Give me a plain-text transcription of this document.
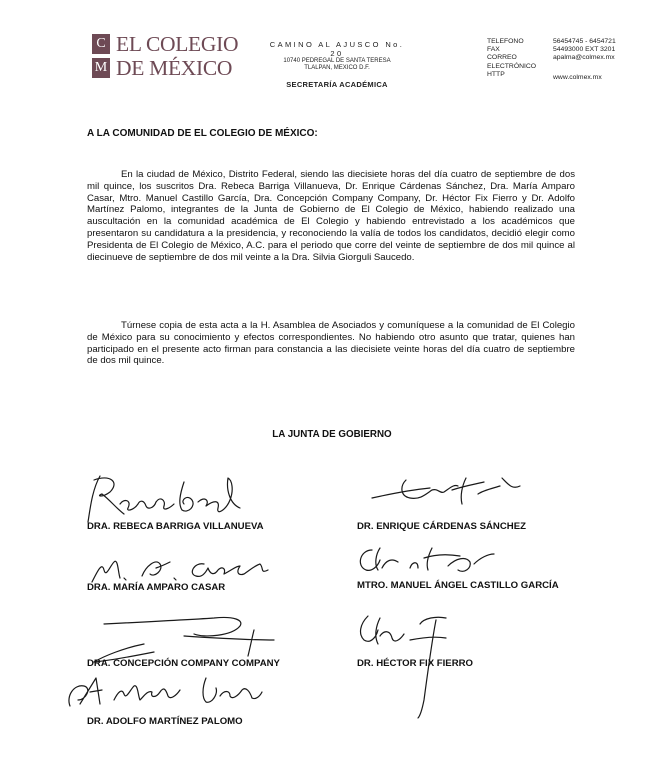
C
M
EL COLEGIO
DE MÉXICO
CAMINO AL AJUSCO No. 20
10740 PEDREGAL DE SANTA TERESA
TLALPAN, MEXICO D.F.
SECRETARÍA ACADÉMICA
TELEFONO	56454745 - 6454721
FAX	54493000 EXT 3201
CORREO	apalma@colmex.mx
ELECTRÓNICO
HTTP	www.colmex.mx
A LA COMUNIDAD DE EL COLEGIO DE MÉXICO:

En la ciudad de México, Distrito Federal, siendo las diecisiete horas del día cuatro de septiembre de dos mil quince, los suscritos Dra. Rebeca Barriga Villanueva, Dr. Enrique Cárdenas Sánchez, Dra. María Amparo Casar, Mtro. Manuel Castillo García, Dra. Concepción Company Company, Dr. Héctor Fix Fierro y Dr. Adolfo Martínez Palomo, integrantes de la Junta de Gobierno de El Colegio de México, habiendo realizado una auscultación en la comunidad académica de El Colegio y habiendo entrevistado a los académicos que presentaron su candidatura a la presidencia, y reconociendo la valía de todos los candidatos, decidió elegir como Presidenta de El Colegio de México, A.C. para el periodo que corre del veinte de septiembre de dos mil quince al diecinueve de septiembre de dos mil veinte a la Dra. Silvia Giorguli Saucedo.

Túrnese copia de esta acta a la H. Asamblea de Asociados y comuníquese a la comunidad de El Colegio de México para su conocimiento y efectos correspondientes. No habiendo otro asunto que tratar, quienes han participado en el presente acto firman para constancia a las diecisiete veinte horas del día cuatro de septiembre de dos mil quince.

LA JUNTA DE GOBIERNO
DRA. REBECA BARRIGA VILLANUEVA	DR. ENRIQUE CÁRDENAS SÁNCHEZ
DRA. MARÍA AMPARO CASAR	MTRO. MANUEL ÁNGEL CASTILLO GARCÍA
DRA. CONCEPCIÓN COMPANY COMPANY	DR. HÉCTOR FIX FIERRO
DR. ADOLFO MARTÍNEZ PALOMO
